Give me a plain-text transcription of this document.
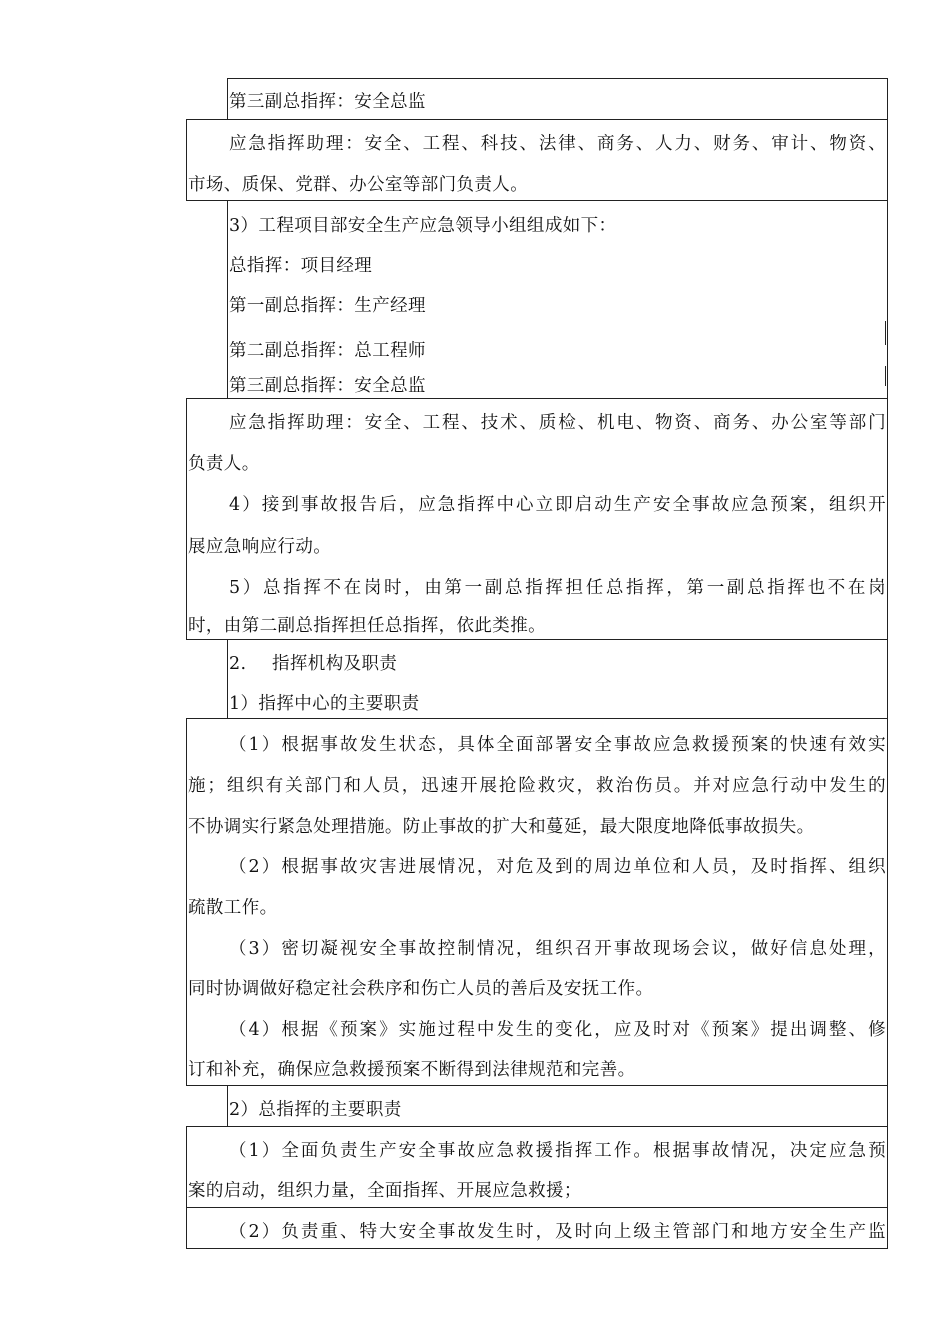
第三副总指挥：安全总监
应急指挥助理：安全、工程、科技、法律、商务、人力、财务、审计、物资、
市场、质保、党群、办公室等部门负责人。
3）工程项目部安全生产应急领导小组组成如下：
总指挥：项目经理
第一副总指挥：生产经理
第二副总指挥：总工程师
第三副总指挥：安全总监
应急指挥助理：安全、工程、技术、质检、机电、物资、商务、办公室等部门
负责人。
4）接到事故报告后，应急指挥中心立即启动生产安全事故应急预案，组织开
展应急响应行动。
5）总指挥不在岗时，由第一副总指挥担任总指挥，第一副总指挥也不在岗
时，由第二副总指挥担任总指挥，依此类推。
2. 指挥机构及职责
1）指挥中心的主要职责
（1）根据事故发生状态，具体全面部署安全事故应急救援预案的快速有效实
施；组织有关部门和人员，迅速开展抢险救灾，救治伤员。并对应急行动中发生的
不协调实行紧急处理措施。防止事故的扩大和蔓延，最大限度地降低事故损失。
（2）根据事故灾害进展情况，对危及到的周边单位和人员，及时指挥、组织
疏散工作。
（3）密切凝视安全事故控制情况，组织召开事故现场会议，做好信息处理，
同时协调做好稳定社会秩序和伤亡人员的善后及安抚工作。
（4）根据《预案》实施过程中发生的变化，应及时对《预案》提出调整、修
订和补充，确保应急救援预案不断得到法律规范和完善。
2）总指挥的主要职责
（1）全面负责生产安全事故应急救援指挥工作。根据事故情况，决定应急预
案的启动，组织力量，全面指挥、开展应急救援；
（2）负责重、特大安全事故发生时，及时向上级主管部门和地方安全生产监
